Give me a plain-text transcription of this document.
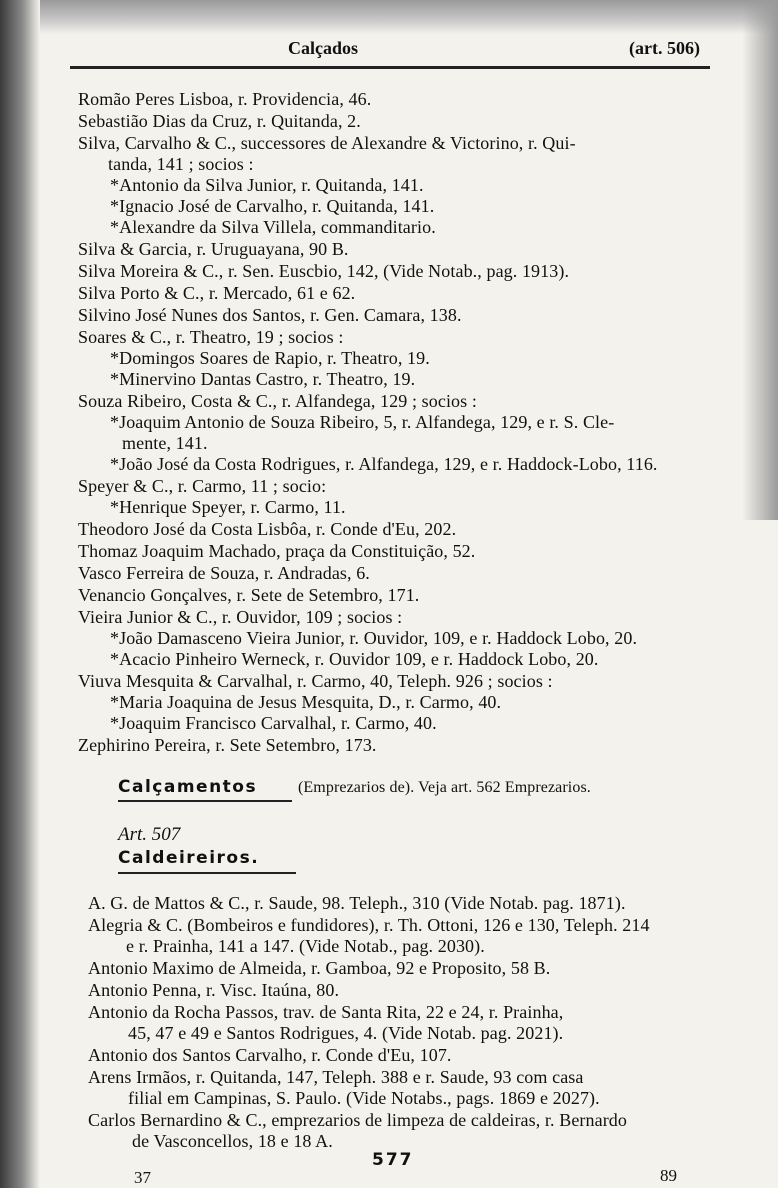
Calçados	(art. 506)
Romão Peres Lisboa, r. Providencia, 46.
Sebastião Dias da Cruz, r. Quitanda, 2.
Silva, Carvalho & C., successores de Alexandre & Victorino, r. Qui-
tanda, 141 ; socios :
*Antonio da Silva Junior, r. Quitanda, 141.
*Ignacio José de Carvalho, r. Quitanda, 141.
*Alexandre da Silva Villela, commanditario.
Silva & Garcia, r. Uruguayana, 90 B.
Silva Moreira & C., r. Sen. Euscbio, 142, (Vide Notab., pag. 1913).
Silva Porto & C., r. Mercado, 61 e 62.
Silvino José Nunes dos Santos, r. Gen. Camara, 138.
Soares & C., r. Theatro, 19 ; socios :
*Domingos Soares de Rapio, r. Theatro, 19.
*Minervino Dantas Castro, r. Theatro, 19.
Souza Ribeiro, Costa & C., r. Alfandega, 129 ; socios :
*Joaquim Antonio de Souza Ribeiro, 5, r. Alfandega, 129, e r. S. Cle-
mente, 141.
*João José da Costa Rodrigues, r. Alfandega, 129, e r. Haddock-Lobo, 116.
Speyer & C., r. Carmo, 11 ; socio:
*Henrique Speyer, r. Carmo, 11.
Theodoro José da Costa Lisbôa, r. Conde d'Eu, 202.
Thomaz Joaquim Machado, praça da Constituição, 52.
Vasco Ferreira de Souza, r. Andradas, 6.
Venancio Gonçalves, r. Sete de Setembro, 171.
Vieira Junior & C., r. Ouvidor, 109 ; socios :
*João Damasceno Vieira Junior, r. Ouvidor, 109, e r. Haddock Lobo, 20.
*Acacio Pinheiro Werneck, r. Ouvidor 109, e r. Haddock Lobo, 20.
Viuva Mesquita & Carvalhal, r. Carmo, 40, Teleph. 926 ; socios :
*Maria Joaquina de Jesus Mesquita, D., r. Carmo, 40.
*Joaquim Francisco Carvalhal, r. Carmo, 40.
Zephirino Pereira, r. Sete Setembro, 173.
Calçamentos	(Emprezarios de). Veja art. 562 Emprezarios.
Art. 507
Caldeireiros.
A. G. de Mattos & C., r. Saude, 98. Teleph., 310 (Vide Notab. pag. 1871).
Alegria & C. (Bombeiros e fundidores), r. Th. Ottoni, 126 e 130, Teleph. 214
e r. Prainha, 141 a 147. (Vide Notab., pag. 2030).
Antonio Maximo de Almeida, r. Gamboa, 92 e Proposito, 58 B.
Antonio Penna, r. Visc. Itaúna, 80.
Antonio da Rocha Passos, trav. de Santa Rita, 22 e 24, r. Prainha,
45, 47 e 49 e Santos Rodrigues, 4. (Vide Notab. pag. 2021).
Antonio dos Santos Carvalho, r. Conde d'Eu, 107.
Arens Irmãos, r. Quitanda, 147, Teleph. 388 e r. Saude, 93 com casa
filial em Campinas, S. Paulo. (Vide Notabs., pags. 1869 e 2027).
Carlos Bernardino & C., emprezarios de limpeza de caldeiras, r. Bernardo
de Vasconcellos, 18 e 18 A.
577
37	89
